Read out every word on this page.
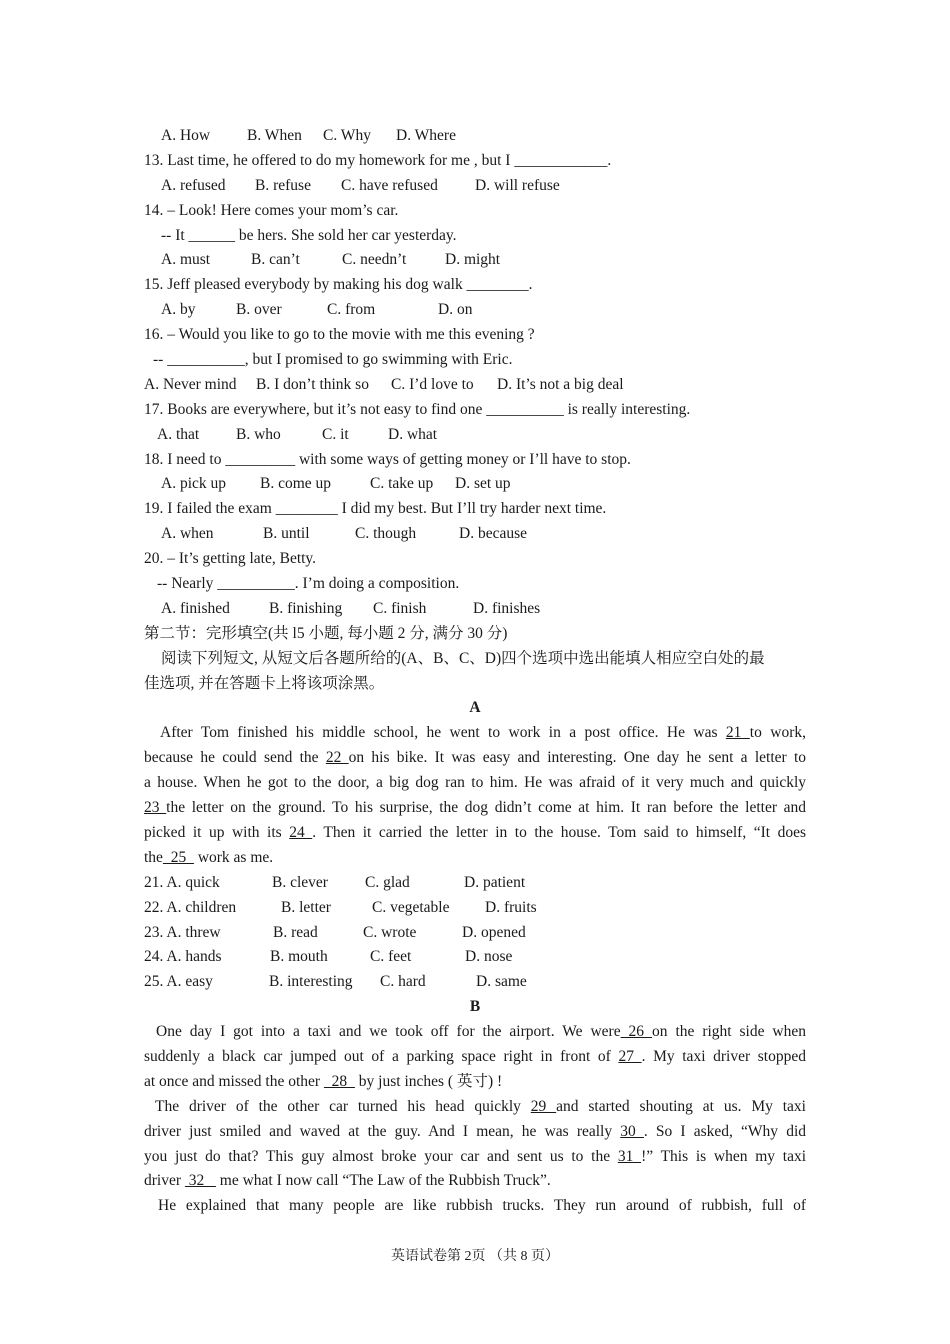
A. How B. When C. Why D. Where
13. Last time, he offered to do my homework for me , but I ____________.
A. refused B. refuse C. have refused D. will refuse
14. – Look! Here comes your mom’s car.
-- It ______ be hers. She sold her car yesterday.
A. must	B. can’t	C. needn’t D. might
15. Jeff pleased everybody by making his dog walk ________.
A. by	B. over	C. from	D. on
16. – Would you like to go to the movie with me this evening ?
-- __________, but I promised to go swimming with Eric.
A. Never mind B. I don’t think so C. I’d love to D. It’s not a big deal
17. Books are everywhere, but it’s not easy to find one __________ is really interesting.
A. that B. who	C. it	D. what
18. I need to _________ with some ways of getting money or I’ll have to stop.
A. pick up B. come up	C. take up D. set up
19. I failed the exam ________ I did my best. But I’ll try harder next time.
A. when	B. until	C. though	D. because
20. – It’s getting late, Betty.
-- Nearly __________. I’m doing a composition.
A. finished	B. finishing C. finish	D. finishes
第二节：完形填空(共 l5 小题, 每小题 2 分, 满分 30 分)
阅读下列短文, 从短文后各题所给的(A、B、C、D)四个选项中选出能填人相应空白处的最
佳选项, 并在答题卡上将该项涂黑。
A
After Tom finished his middle school, he went to work in a post office. He was 21 to work,
because he could send the 22 on his bike. It was easy and interesting. One day he sent a letter to
a house. When he got to the door, a big dog ran to him. He was afraid of it very much and quickly
23 the letter on the ground. To his surprise, the dog didn’t come at him. It ran before the letter and
picked it up with its 24 . Then it carried the letter in to the house. Tom said to himself, “It does
the  25   work as me.
21. A. quick	B. clever C. glad	D. patient
22. A. children	B. letter	C. vegetable D. fruits
23. A. threw	B. read	C. wrote	D. opened
24. A. hands	B. mouth	C. feet	D. nose
25. A. easy	B. interesting C. hard	D. same
B
One day I got into a taxi and we took off for the airport. We were 26 on the right side when
suddenly a black car jumped out of a parking space right in front of 27 . My taxi driver stopped
at once and missed the other   28   by just inches ( 英寸) !
The driver of the other car turned his head quickly 29 and started shouting at us. My taxi
driver just smiled and waved at the guy. And I mean, he was really 30 . So I asked, “Why did
you just do that? This guy almost broke your car and sent us to the 31 !” This is when my taxi
driver  32    me what I now call “The Law of the Rubbish Truck”.
He explained that many people are like rubbish trucks. They run around of rubbish, full of
英语试卷第 2页 （共 8 页）
